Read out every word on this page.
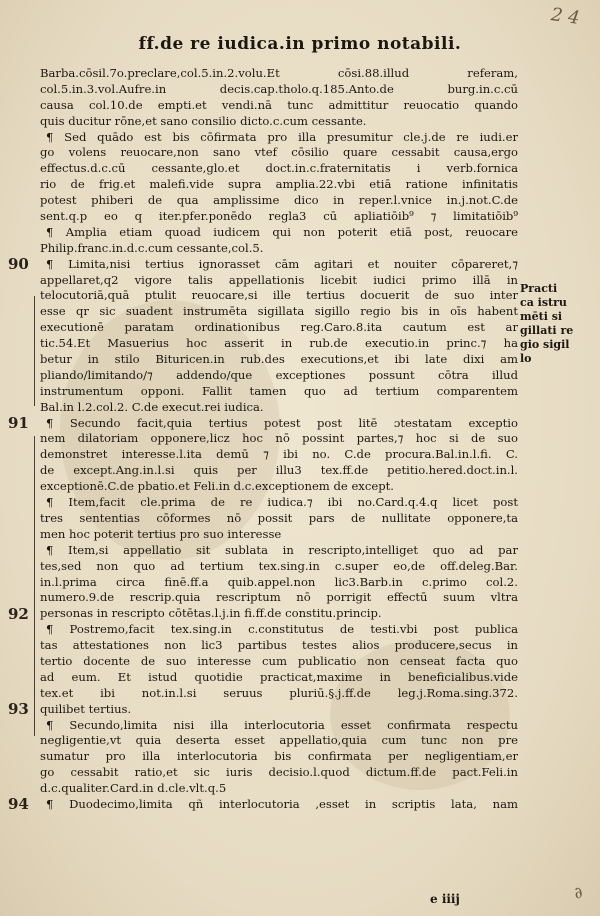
2 4
ff.de re iudica.in primo notabili.
Barba.cōsil.7o.preclare,col.5.in.2.volu.Et cōsi.88.illud referam,
col.5.in.3.vol.Aufre.in decis.cap.tholo.q.185.Anto.de burg.in.c.cū
causa col.10.de empti.et vendi.nā tunc admittitur reuocatio quando
quis ducitur rōne,et sano consilio dicto.c.cum cessante.
¶ Sed quādo est bis cōfirmata pro illa presumitur cle.j.de re iudi.er
go volens reuocare,non sano vtef cōsilio quare cessabit causa,ergo
effectus.d.c.cū cessante,glo.et doct.in.c.fraternitatis i verb.fornica
rio de frig.et malefi.vide supra amplia.22.vbi etiā ratione infinitatis
potest phiberi de qua amplissime dico in reper.l.vnice in.j.not.C.de
sent.q.p eo q iter.pfer.ponēdo regla3 cū apliatiōib⁹ ⁊ limitatiōib⁹
¶ Amplia etiam quoad iudicem qui non poterit etiā post, reuocare
Philip.franc.in.d.c.cum cessante,col.5.
¶ Limita,nisi tertius ignorasset cām agitari et nouiter cōpareret,⁊
appellaret,q2 vigore talis appellationis licebit iudici primo illā in
telocutoriā,quā ptulit reuocare,si ille tertius docuerit de suo inter
esse qr sic suadent instrumēta sigillata sigillo regio bis in oīs habent
executionē paratam ordinationibus reg.Caro.8.ita cautum est ar
tic.54.Et Masuerius hoc asserit in rub.de executio.in princ.⁊ ha
betur in stilo Bituricen.in rub.des executions,et ibi late dixi am
pliando/limitando/⁊ addendo/que exceptiones possunt cōtra illud
instrumentum opponi. Fallit tamen quo ad tertium comparentem
Bal.in l.2.col.2. C.de execut.rei iudica.
¶ Secundo facit,quia tertius potest post litē ɔtestatam exceptio
nem dilatoriam opponere,licz hoc nō possint partes,⁊ hoc si de suo
demonstret interesse.l.ita demū ⁊ ibi no. C.de procura.Bal.in.l.fi. C.
de except.Ang.in.l.si quis per illu3 tex.ff.de petitio.hered.doct.in.l.
exceptionē.C.de pbatio.et Feli.in d.c.exceptionem de except.
¶ Item,facit cle.prima de re iudica.⁊ ibi no.Card.q.4.q licet post
tres sententias cōformes nō possit pars de nullitate opponere,ta
men hoc poterit tertius pro suo interesse
¶ Item,si appellatio sit sublata in rescripto,intelliget quo ad par
tes,sed non quo ad tertium tex.sing.in c.super eo,de off.deleg.Bar.
in.l.prima circa finē.ff.a quib.appel.non lic3.Barb.in c.primo col.2.
numero.9.de rescrip.quia rescriptum nō porrigit effectū suum vltra
personas in rescripto cōtētas.l.j.in fi.ff.de constitu.princip.
¶ Postremo,facit tex.sing.in c.constitutus de testi.vbi post publica
tas attestationes non lic3 partibus testes alios producere,secus in
tertio docente de suo interesse cum publicatio non censeat facta quo
ad eum. Et istud quotidie practicat,maxime in beneficialibus.vide
tex.et ibi not.in.l.si seruus pluriū.§.j.ff.de leg.j.Roma.sing.372.
quilibet tertius.
¶ Secundo,limita nisi illa interlocutoria esset confirmata respectu
negligentie,vt quia deserta esset appellatio,quia cum tunc non pre
sumatur pro illa interlocutoria bis confirmata per negligentiam,er
go cessabit ratio,et sic iuris decisio.l.quod dictum.ff.de pact.Feli.in
d.c.qualiter.Card.in d.cle.vlt.q.5
¶ Duodecimo,limita qñ interlocutoria ,esset in scriptis lata, nam
90
91
92
93
94
Practi
ca istru
mēti si
gillati re
gio sigil
lo
e iiij	∂
